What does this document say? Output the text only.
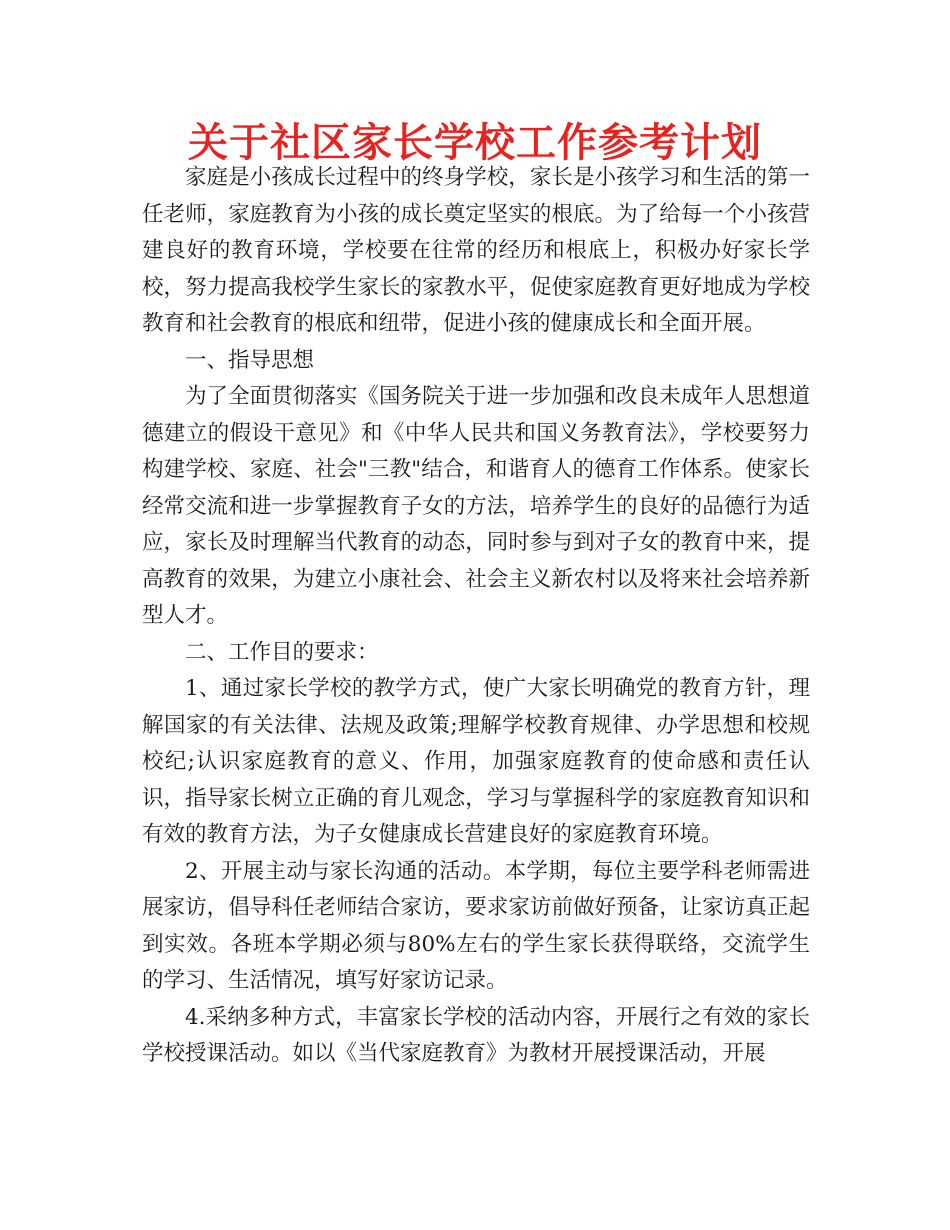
关于社区家长学校工作参考计划

家庭是小孩成长过程中的终身学校，家长是小孩学习和生活的第一任老师，家庭教育为小孩的成长奠定坚实的根底。为了给每一个小孩营建良好的教育环境，学校要在往常的经历和根底上，积极办好家长学校，努力提高我校学生家长的家教水平，促使家庭教育更好地成为学校教育和社会教育的根底和纽带，促进小孩的健康成长和全面开展。

一、指导思想

为了全面贯彻落实《国务院关于进一步加强和改良未成年人思想道德建立的假设干意见》和《中华人民共和国义务教育法》，学校要努力构建学校、家庭、社会"三教"结合，和谐育人的德育工作体系。使家长经常交流和进一步掌握教育子女的方法，培养学生的良好的品德行为适应，家长及时理解当代教育的动态，同时参与到对子女的教育中来，提高教育的效果，为建立小康社会、社会主义新农村以及将来社会培养新型人才。

二、工作目的要求：

1、通过家长学校的教学方式，使广大家长明确党的教育方针，理解国家的有关法律、法规及政策;理解学校教育规律、办学思想和校规校纪;认识家庭教育的意义、作用，加强家庭教育的使命感和责任认识，指导家长树立正确的育儿观念，学习与掌握科学的家庭教育知识和有效的教育方法，为子女健康成长营建良好的家庭教育环境。

2、开展主动与家长沟通的活动。本学期，每位主要学科老师需进展家访，倡导科任老师结合家访，要求家访前做好预备，让家访真正起到实效。各班本学期必须与80%左右的学生家长获得联络，交流学生的学习、生活情况，填写好家访记录。

4.采纳多种方式，丰富家长学校的活动内容，开展行之有效的家长学校授课活动。如以《当代家庭教育》为教材开展授课活动，开展
